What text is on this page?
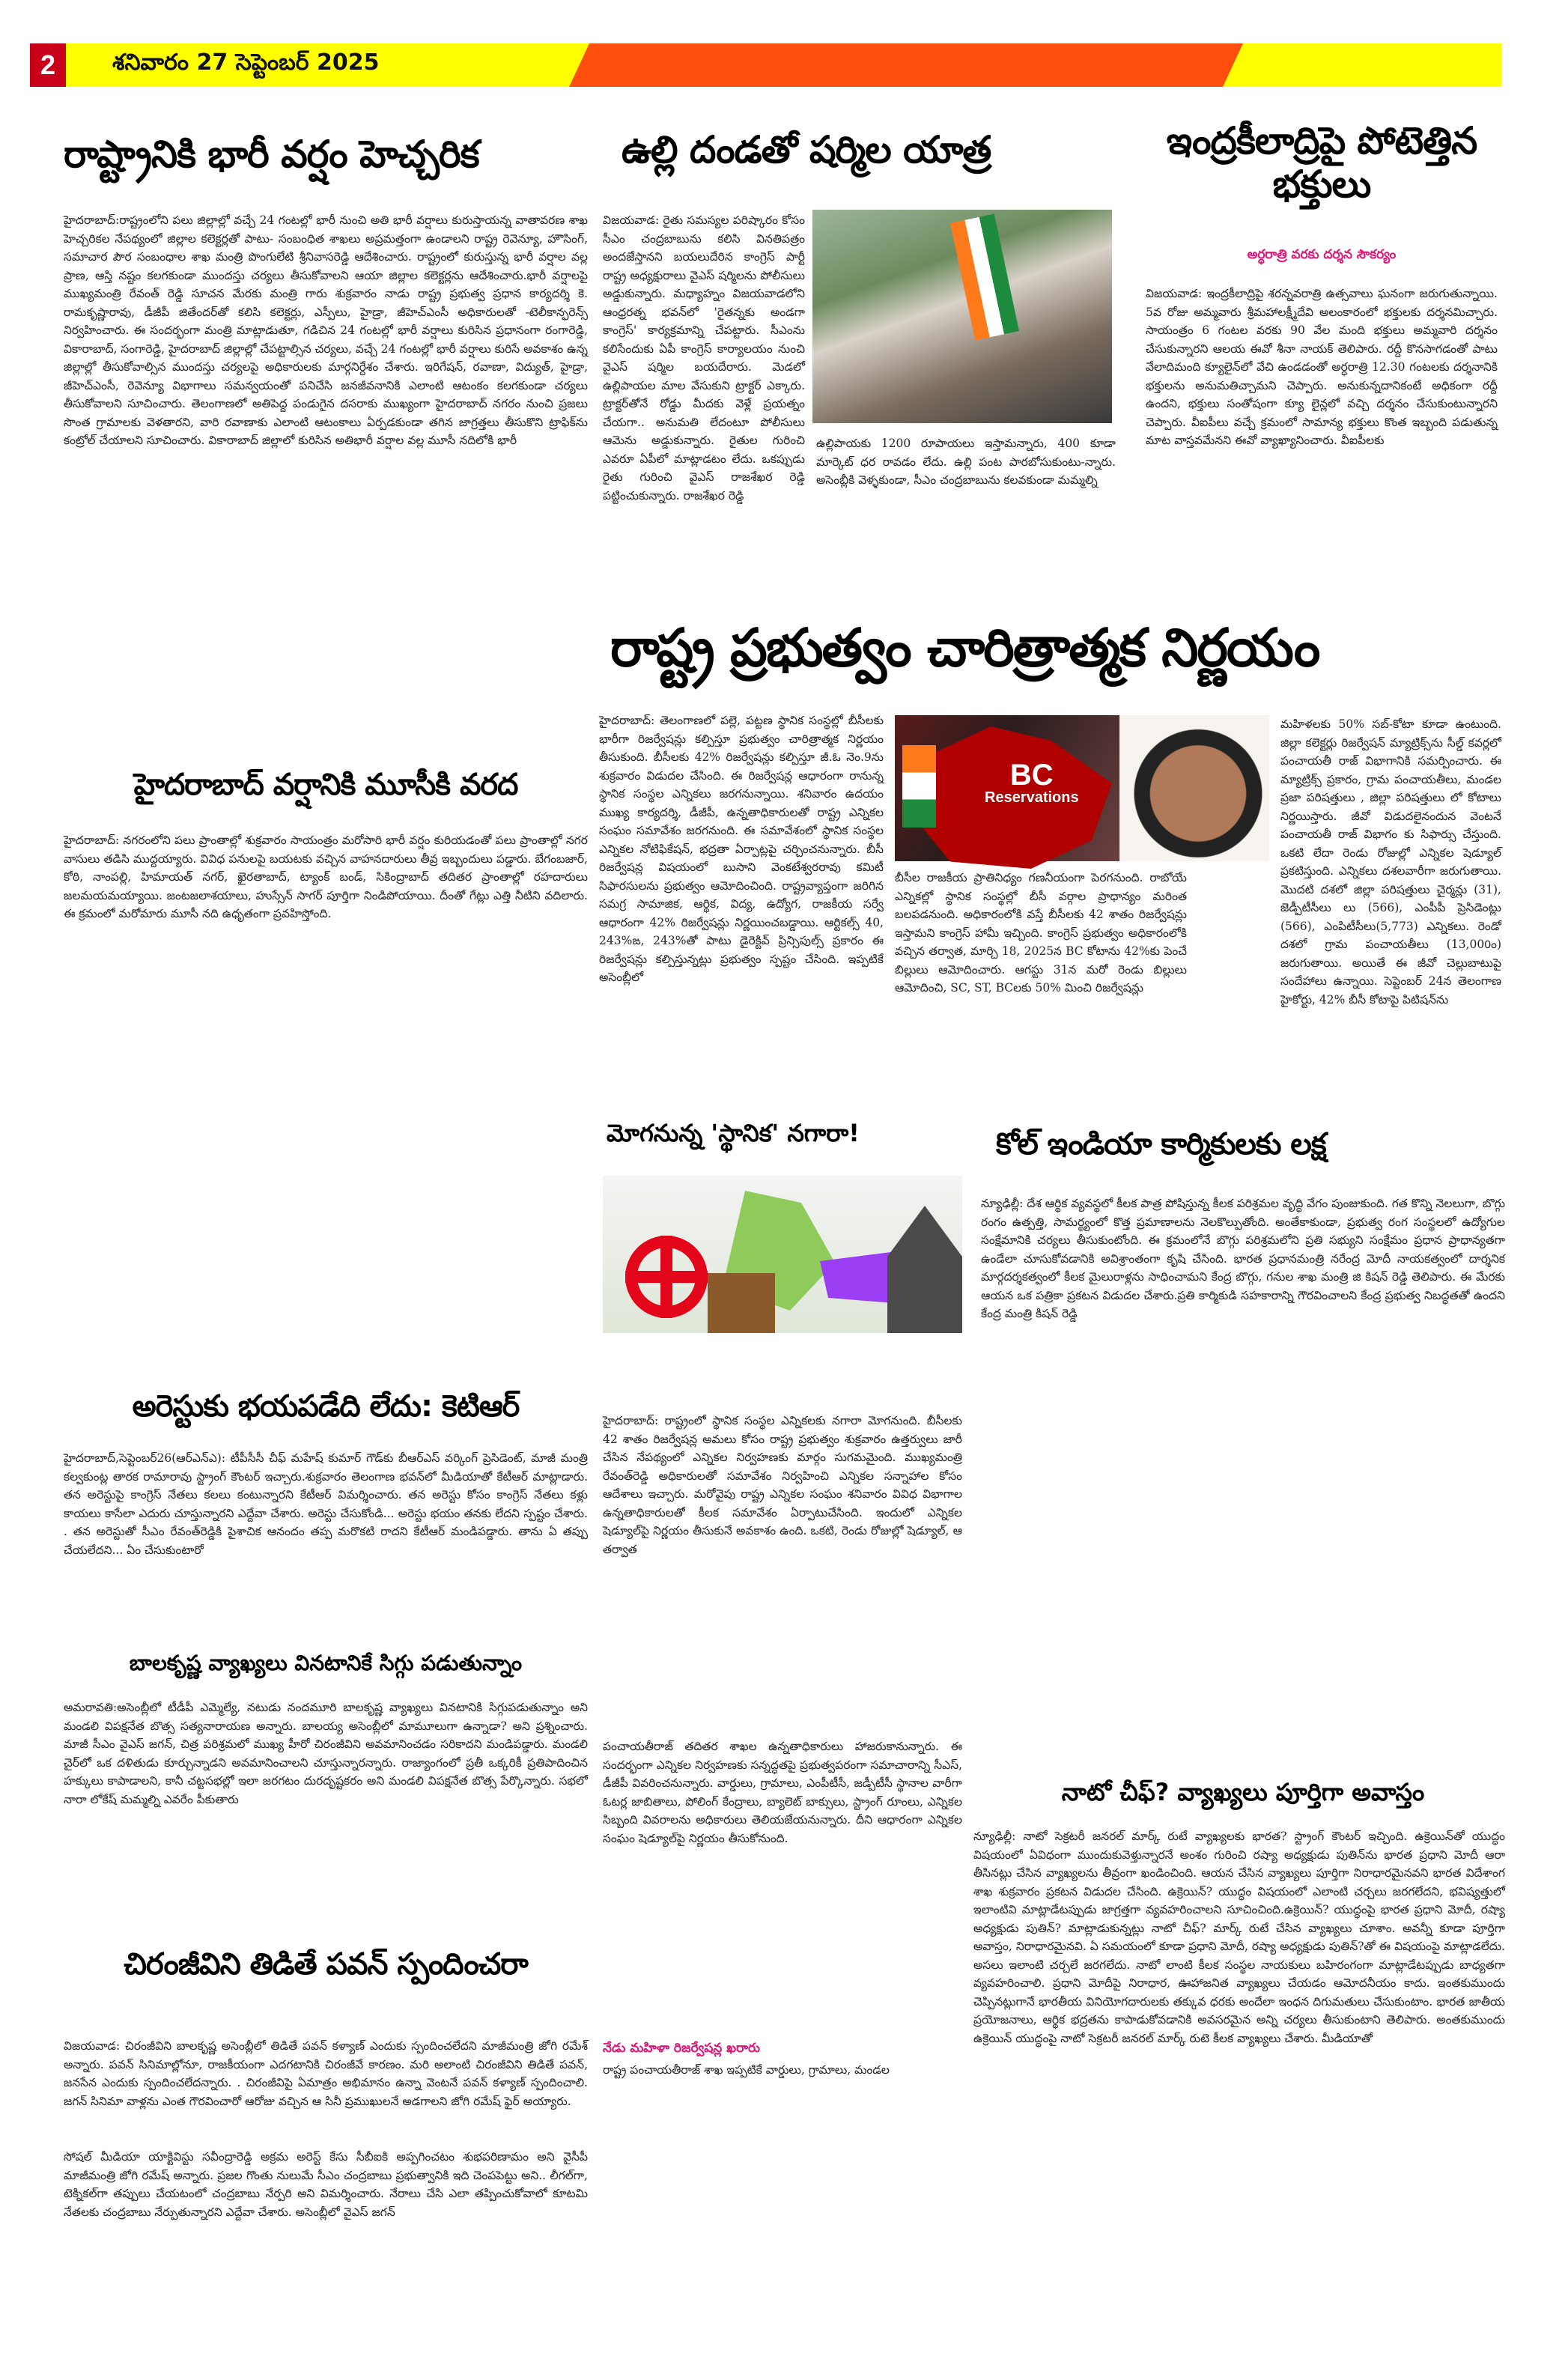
2	శనివారం 27 సెప్టెంబర్ 2025
రాష్ట్రానికి భారీ వర్షం హెచ్చరిక

హైదరాబాద్:రాష్ట్రంలోని పలు జిల్లాల్లో వచ్చే 24 గంటల్లో భారీ నుంచి అతి భారీ వర్షాలు కురుస్తాయన్న వాతావరణ శాఖ హెచ్చరికల నేపథ్యంలో జిల్లాల కలెక్టర్లతో పాటు- సంబంధిత శాఖలు అప్రమత్తంగా ఉండాలని రాష్ట్ర రెవెన్యూ, హౌసింగ్, సమాచార పౌర సంబంధాల శాఖ మంత్రి పొంగులేటి శ్రీనివాసరెడ్డి ఆదేశించారు. రాష్ట్రంలో కురుస్తున్న భారీ వర్షాల వల్ల ప్రాణ, ఆస్తి నష్టం కలగకుండా ముందస్తు చర్యలు తీసుకోవాలని ఆయా జిల్లాల కలెక్టర్లను ఆదేశించారు.భారీ వర్షాలపై ముఖ్యమంత్రి రేవంత్ రెడ్డి సూచన మేరకు మంత్రి గారు శుక్రవారం నాడు రాష్ట్ర ప్రభుత్వ ప్రధాన కార్యదర్శి కె. రామకృష్ణారావు, డీజీపీ జితేందర్‌తో కలిసి కలెక్టర్లు, ఎస్పీలు, హైడ్రా, జీహెచ్ఎంసీ అధికారులతో -టెలీకాన్ఫరెన్స్ నిర్వహించారు. ఈ సందర్భంగా మంత్రి మాట్లాడుతూ, గడిచిన 24 గంటల్లో భారీ వర్షాలు కురిసిన ప్రధానంగా రంగారెడ్డి, వికారాబాద్, సంగారెడ్డి, హైదరాబాద్ జిల్లాల్లో చేపట్టాల్సిన చర్యలు, వచ్చే 24 గంటల్లో భారీ వర్షాలు కురిసే అవకాశం ఉన్న జిల్లాల్లో తీసుకోవాల్సిన ముందస్తు చర్యలపై అధికారులకు మార్గనిర్దేశం చేశారు. ఇరిగేషన్, రవాణా, విద్యుత్, హైడ్రా, జీహెచ్ఎంసీ, రెవెన్యూ విభాగాలు సమన్వయంతో పనిచేసి జనజీవనానికి ఎలాంటి ఆటంకం కలగకుండా చర్యలు తీసుకోవాలని సూచించారు. తెలంగాణలో అతిపెద్ద పండుగైన దసరాకు ముఖ్యంగా హైదరాబాద్ నగరం నుంచి ప్రజలు సొంత గ్రామాలకు వెళతారని, వారి రవాణాకు ఎలాంటి ఆటంకాలు ఏర్పడకుండా తగిన జాగ్రత్తలు తీసుకొని ట్రాఫిక్‌ను కంట్రోల్ చేయాలని సూచించారు. వికారాబాద్ జిల్లాలో కురిసిన అతిభారీ వర్షాల వల్ల మూసీ నదిలోకి భారీ

ఉల్లి దండతో షర్మిల యాత్ర

విజయవాడ: రైతు సమస్యల పరిష్కారం కోసం సీఎం చంద్రబాబును కలిసి వినతిపత్రం అందజేస్తానని బయలుదేరిన కాంగ్రెస్ పార్టీ రాష్ట్ర అధ్యక్షురాలు వైఎస్ షర్మిలను పోలీసులు అడ్డుకున్నారు. మధ్యాహ్నం విజయవాడలోని ఆంధ్రరత్న భవన్‌లో 'రైతన్నకు అండగా కాంగ్రెస్' కార్యక్రమాన్ని చేపట్టారు. సీఎంను కలిసేందుకు ఏపీ కాంగ్రెస్ కార్యాలయం నుంచి వైఎస్ షర్మిల బయదేరారు. మెడలో ఉల్లిపాయల మాల వేసుకుని ట్రాక్టర్ ఎక్కారు. ట్రాక్టర్‌తోనే రోడ్డు మీదకు వెళ్లే ప్రయత్నం చేయగా.. అనుమతి లేదంటూ పోలీసులు ఆమెను అడ్డుకున్నారు. రైతుల గురించి ఎవరూ ఏపీలో మాట్లాడటం లేదు. ఒకప్పుడు రైతు గురించి వైఎస్ రాజశేఖర రెడ్డి పట్టించుకున్నారు. రాజశేఖర రెడ్డి

ఉల్లిపాయకు 1200 రూపాయలు ఇస్తామన్నారు, 400 కూడా మార్కెట్ ధర రావడం లేదు. ఉల్లి పంట పారబోసుకుంటు-న్నారు. అసెంబ్లీకి వెళ్ళకుండా, సీఎం చంద్రబాబును కలవకుండా మమ్మల్ని

ఇంద్రకీలాద్రిపై పోటెత్తిన భక్తులు
అర్ధరాత్రి వరకు దర్శన సౌకర్యం

విజయవాడ: ఇంద్రకీలాద్రిపై శరన్నవరాత్రి ఉత్సవాలు ఘనంగా జరుగుతున్నాయి. 5వ రోజు అమ్మవారు శ్రీమహాలక్ష్మీదేవి అలంకారంలో భక్తులకు దర్శనమిచ్చారు. సాయంత్రం 6 గంటల వరకు 90 వేల మంది భక్తులు అమ్మవారి దర్శనం చేసుకున్నారని ఆలయ ఈవో శీనా నాయక్ తెలిపారు. రద్దీ కొనసాగడంతో పాటు వేలాదిమంది క్యూలైన్‌లో వేచి ఉండడంతో అర్ధరాత్రి 12.30 గంటలకు దర్శనానికి భక్తులను అనుమతిచ్చామని చెప్పారు. అనుకున్నదానికంటే అధికంగా రద్దీ ఉందని, భక్తులు సంతోషంగా క్యూ లైన్లలో వచ్చి దర్శనం చేసుకుంటున్నారని చెప్పారు. వీఐపీలు వచ్చే క్రమంలో సామాన్య భక్తులు కొంత ఇబ్బంది పడుతున్న మాట వాస్తవమేనని ఈవో వ్యాఖ్యానించారు. వీఐపీలకు

రాష్ట్ర ప్రభుత్వం చారిత్రాత్మక నిర్ణయం

హైదరాబాద్: తెలంగాణలో పల్లె, పట్టణ స్థానిక సంస్థల్లో బీసీలకు భారీగా రిజర్వేషన్లు కల్పిస్తూ ప్రభుత్వం చారిత్రాత్మక నిర్ణయం తీసుకుంది. బీసీలకు 42% రిజర్వేషన్లు కల్పిస్తూ జీ.ఓ నెం.9ను శుక్రవారం విడుదల చేసింది. ఈ రిజర్వేషన్ల ఆధారంగా రానున్న స్థానిక సంస్థల ఎన్నికలు జరగనున్నాయి. శనివారం ఉదయం ముఖ్య కార్యదర్శి, డీజీపీ, ఉన్నతాధికారులతో రాష్ట్ర ఎన్నికల సంఘం సమావేశం జరగనుంది. ఈ సమావేశంలో స్థానిక సంస్థల ఎన్నికల నోటిఫికేషన్, భద్రతా ఏర్పాట్లపై చర్చించనున్నారు. బీసీ రిజర్వేషన్ల విషయంలో బుసాని వెంకటేశ్వరరావు కమిటీ సిఫారసులను ప్రభుత్వం ఆమోదించింది. రాష్ట్రవ్యాప్తంగా జరిగిన సమగ్ర సామాజిక, ఆర్థిక, విద్య, ఉద్యోగ, రాజకీయ సర్వే ఆధారంగా 42% రిజర్వేషన్లు నిర్ణయించబడ్డాయి. ఆర్టికల్స్ 40, 243%ఙ, 243%తో పాటు డైరెక్టివ్ ప్రిన్సిపుల్స్ ప్రకారం ఈ రిజర్వేషన్లు కల్పిస్తున్నట్లు ప్రభుత్వం స్పష్టం చేసింది. ఇప్పటికే అసెంబ్లీలో

BC
Reservations

బీసీల రాజకీయ ప్రాతినిధ్యం గణనీయంగా పెరగనుంది. రాబోయే ఎన్నికల్లో స్థానిక సంస్థల్లో బీసీ వర్గాల ప్రాధాన్యం మరింత బలపడనుంది. అధికారంలోకి వస్తే బీసీలకు 42 శాతం రిజర్వేషన్లు ఇస్తామని కాంగ్రెస్ హామీ ఇచ్చింది. కాంగ్రెస్ ప్రభుత్వం అధికారంలోకి వచ్చిన తర్వాత, మార్చి 18, 2025న BC కోటాను 42%కు పెంచే బిల్లులు ఆమోదించారు. ఆగస్టు 31న మరో రెండు బిల్లులు ఆమోదించి, SC, ST, BCలకు 50% మించి రిజర్వేషన్లు

మహిళలకు 50% సబ్-కోటా కూడా ఉంటుంది. జిల్లా కలెక్టర్లు రిజర్వేషన్ మ్యాట్రిక్స్‌ను సీల్డ్ కవర్లలో పంచాయతీ రాజ్ విభాగానికి సమర్పించారు. ఈ మ్యాట్రిక్స్ ప్రకారం, గ్రామ పంచాయతీలు, మండల ప్రజా పరిషత్తులు , జిల్లా పరిషత్తులు లో కోటాలు నిర్ణయిస్తారు. జీవో విడుదలైనందున వెంటనే పంచాయతీ రాజ్ విభాగం కు సిఫార్సు చేస్తుంది. ఒకటి లేదా రెండు రోజుల్లో ఎన్నికల షెడ్యూల్ ప్రకటిస్తుంది. ఎన్నికలు దశలవారీగా జరుగుతాయి. మొదటి దశలో జిల్లా పరిషత్తులు చైర్మన్లు (31), జెడ్పీటీసీలు లు (566), ఎంపీపీ ప్రెసిడెంట్లు (566), ఎంపిటీసీలు(5,773) ఎన్నికలు. రెండో దశలో గ్రామ పంచాయతీలు (13,000ం) జరుగుతాయి. అయితే ఈ జీవో చెల్లుబాటుపై సందేహాలు ఉన్నాయి. సెప్టెంబర్ 24న తెలంగాణ హైకోర్టు, 42% బీసీ కోటాపై పిటిషన్‌ను

హైదరాబాద్ వర్షానికి మూసీకి వరద

హైదరాబాద్: నగరంలోని పలు ప్రాంతాల్లో శుక్రవారం సాయంత్రం మరోసారి భారీ వర్షం కురియడంతో పలు ప్రాంతాల్లో నగర వాసులు తడిసి ముద్దయ్యారు. వివిధ పనులపై బయటకు వచ్చిన వాహనదారులు తీవ్ర ఇబ్బందులు పడ్డారు. బేగంబజార్, కోఠి, నాంపల్లి, హిమాయత్ నగర్, ఖైరతాబాద్, ట్యాంక్ బండ్, సికింద్రాబాద్ తదితర ప్రాంతాల్లో రహదారులు జలమయమయ్యాయి. జంటజలాశయాలు, హుస్సేన్ సాగర్ పూర్తిగా నిండిపోయాయి. దీంతో గేట్లు ఎత్తి నీటిని వదిలారు. ఈ క్రమంలో మరోమారు మూసీ నది ఉధృతంగా ప్రవహిస్తోంది.

మోగనున్న 'స్థానిక' నగారా!

హైదరాబాద్: రాష్ట్రంలో స్థానిక సంస్థల ఎన్నికలకు నగారా మోగనుంది. బీసీలకు 42 శాతం రిజర్వేషన్ల అమలు కోసం రాష్ట్ర ప్రభుత్వం శుక్రవారం ఉత్తర్వులు జారీ చేసిన నేపథ్యంలో ఎన్నికల నిర్వహణకు మార్గం సుగమమైంది. ముఖ్యమంత్రి రేవంత్‌రెడ్డి అధికారులతో సమావేశం నిర్వహించి ఎన్నికల సన్నాహాల కోసం ఆదేశాలు ఇచ్చారు. మరోవైపు రాష్ట్ర ఎన్నికల సంఘం శనివారం వివిధ విభాగాల ఉన్నతాధికారులతో కీలక సమావేశం ఏర్పాటుచేసింది. ఇందులో ఎన్నికల షెడ్యూల్‌పై నిర్ణయం తీసుకునే అవకాశం ఉంది. ఒకటి, రెండు రోజుల్లో షెడ్యూల్, ఆ తర్వాత

పంచాయతీరాజ్ తదితర శాఖల ఉన్నతాధికారులు హాజరుకానున్నారు. ఈ సందర్భంగా ఎన్నికల నిర్వహణకు సన్నద్ధతపై ప్రభుత్వపరంగా సమాచారాన్ని సీఎస్, డీజీపీ వివరించనున్నారు. వార్డులు, గ్రామాలు, ఎంపీటీసీ, జడ్పీటీసీ స్థానాల వారీగా ఓటర్ల జాబితాలు, పోలింగ్ కేంద్రాలు, బ్యాలెట్ బాక్సులు, స్ట్రాంగ్ రూంలు, ఎన్నికల సిబ్బంది వివరాలను అధికారులు తెలియజేయనున్నారు. దీని ఆధారంగా ఎన్నికల సంఘం షెడ్యూల్‌పై నిర్ణయం తీసుకోనుంది.

నేడు మహిళా రిజర్వేషన్ల ఖరారు

రాష్ట్ర పంచాయతీరాజ్ శాఖ ఇప్పటికే వార్డులు, గ్రామాలు, మండల

కోల్ ఇండియా కార్మికులకు లక్ష

న్యూఢిల్లీ: దేశ ఆర్థిక వ్యవస్థలో కీలక పాత్ర పోషిస్తున్న కీలక పరిశ్రమల వృద్ధి వేగం పుంజుకుంది. గత కొన్ని నెలలుగా, బొగ్గు రంగం ఉత్పత్తి, సామర్థ్యంలో కొత్త ప్రమాణాలను నెలకొల్పుతోంది. అంతేకాకుండా, ప్రభుత్వ రంగ సంస్థలలో ఉద్యోగుల సంక్షేమానికి చర్యలు తీసుకుంటోంది. ఈ క్రమంలోనే బొగ్గు పరిశ్రమలోని ప్రతి సభ్యుని సంక్షేమం ప్రధాన ప్రాధాన్యతగా ఉండేలా చూసుకోవడానికి అవిశ్రాంతంగా కృషి చేసింది. భారత ప్రధానమంత్రి నరేంద్ర మోదీ నాయకత్వంలో దార్శనిక మార్గదర్శకత్వంలో కీలక మైలురాళ్లను సాధించామని కేంద్ర బొగ్గు, గనుల శాఖ మంత్రి జి కిషన్ రెడ్డి తెలిపారు. ఈ మేరకు ఆయన ఒక పత్రికా ప్రకటన విడుదల చేశారు.ప్రతి కార్మికుడి సహకారాన్ని గౌరవించాలని కేంద్ర ప్రభుత్వ నిబద్ధతతో ఉందని కేంద్ర మంత్రి కిషన్ రెడ్డి

అరెస్టుకు భయపడేది లేదు: కెటిఆర్

హైదరాబాద్,సెప్టెంబర్26(ఆర్ఎన్ఎ): టీపీసీసీ చీఫ్ మహేష్ కుమార్ గౌడ్‌కు బీఆర్ఎస్ వర్కింగ్ ప్రెసిడెంట్, మాజీ మంత్రి కల్వకుంట్ల తారక రామారావు స్ట్రాంగ్ కౌంటర్ ఇచ్చారు.శుక్రవారం తెలంగాణ భవన్‌లో మీడియాతో కేటీఆర్ మాట్లాడారు. తన అరెస్టుపై కాంగ్రెస్ నేతలు కలలు కంటున్నారని కేటీఆర్ విమర్శించారు. తన అరెస్టు కోసం కాంగ్రెస్ నేతలు కళ్లు కాయలు కాసేలా ఎదురు చూస్తున్నారని ఎద్దేవా చేశారు. అరెస్టు చేసుకోండి... అరెస్టు భయం తనకు లేదని స్పష్టం చేశారు. . తన అరెస్టుతో సీఎం రేవంత్‌రెడ్డికి పైశాచిక ఆనందం తప్ప మరొకటి రాదని కేటీఆర్ మండిపడ్డారు. తాను ఏ తప్పు చేయలేదని... ఏం చేసుకుంటారో

బాలకృష్ణ వ్యాఖ్యలు వినటానికే సిగ్గు పడుతున్నాం

అమరావతి:అసెంబ్లీలో టీడీపీ ఎమ్మెల్యే, నటుడు నందమూరి బాలకృష్ణ వ్యాఖ్యలు వినటానికి సిగ్గుపడుతున్నాం అని మండలి విపక్షనేత బొత్స సత్యనారాయణ అన్నారు. బాలయ్య అసెంబ్లీలో మామూలుగా ఉన్నాడా? అని ప్రశ్నించారు. మాజీ సీఎం వైఎస్ జగన్, చిత్ర పరిశ్రమలో ముఖ్య హీరో చిరంజీవిని అవమానించడం సరికాదని మండిపడ్డారు. మండలి చైర్‌లో ఒక దళితుడు కూర్చున్నాడని అవమానించాలని చూస్తున్నారన్నారు. రాజ్యాంగంలో ప్రతీ ఒక్కరికీ ప్రతిపాదించిన హక్కులు కాపాడాలని, కానీ చట్టసభల్లో ఇలా జరగటం దురదృష్టకరం అని మండలి విపక్షనేత బొత్స పేర్కొన్నారు. సభలో నారా లోకేష్ మమ్మల్ని ఎవరేం పీకుతారు

చిరంజీవిని తిడితే పవన్ స్పందించరా

విజయవాడ: చిరంజీవిని బాలకృష్ణ అసెంబ్లీలో తిడితే పవన్ కళ్యాణ్ ఎందుకు స్పందించలేదని మాజీమంత్రి జోగి రమేశ్ అన్నారు. పవన్ సినిమాల్లోనూ, రాజకీయంగా ఎదగటానికి చిరంజీవే కారణం. మరి అలాంటి చిరంజీవిని తిడితే పవన్, జనసేన ఎందుకు స్పందించలేదన్నారు. . చిరంజీవిపై ఏమాత్రం అభిమానం ఉన్నా వెంటనే పవన్ కళ్యాణ్ స్పందించాలి. జగన్ సినిమా వాళ్లను ఎంత గౌరవించారో ఆరోజు వచ్చిన ఆ సినీ ప్రముఖులనే అడగాలని జోగి రమేష్ ఫైర్ అయ్యారు.

సోషల్ మీడియా యాక్టివిస్టు సవీంద్రారెడ్డి అక్రమ అరెస్ట్ కేసు సీబీఐకి అప్పగించటం శుభపరిణామం అని వైసీపీ మాజీమంత్రి జోగి రమేష్ అన్నారు. ప్రజల గొంతు నులుమే సీఎం చంద్రబాబు ప్రభుత్వానికి ఇది చెంపపెట్టు అని.. లీగల్‌గా, టెక్నికల్‌గా తప్పులు చేయటంలో చంద్రబాబు నేర్పరి అని విమర్శించారు. నేరాలు చేసి ఎలా తప్పించుకోవాలో కూటమి నేతలకు చంద్రబాబు నేర్పుతున్నారని ఎద్దేవా చేశారు. అసెంబ్లీలో వైఎస్ జగన్

నాటో చీఫ్? వ్యాఖ్యలు పూర్తిగా అవాస్తం

న్యూఢిల్లీ: నాటో సెక్రటరీ జనరల్ మార్క్ రుటే వ్యాఖ్యలకు భారత? స్ట్రాంగ్ కౌంటర్ ఇచ్చింది. ఉక్రెయిన్‌తో యుద్ధం విషయంలో ఏవిధంగా ముందుకువెళ్తున్నారనే అంశం గురించి రష్యా అధ్యక్షుడు పుతిన్‌ను భారత ప్రధాని మోదీ ఆరా తీసినట్లు చేసిన వ్యాఖ్యలను తీవ్రంగా ఖండించింది. ఆయన చేసిన వ్యాఖ్యలు పూర్తిగా నిరాధారమైనవని భారత విదేశాంగ శాఖ శుక్రవారం ప్రకటన విడుదల చేసింది. ఉక్రెయిన్? యుద్ధం విషయంలో ఎలాంటి చర్చలు జరగలేదని, భవిష్యత్తులో ఇలాంటివి మాట్లాడేటప్పుడు జాగ్రత్తగా వ్యవహరించాలని సూచించింది.ఉక్రెయిన్? యుద్ధంపై భారత ప్రధాని మోదీ, రష్యా అధ్యక్షుడు పుతిన్? మాట్లాడుకున్నట్లు నాటో చీఫ్? మార్క్ రుటే చేసిన వ్యాఖ్యలు చూశాం. అవన్నీ కూడా పూర్తిగా అవాస్తం, నిరాధారమైనవి. ఏ సమయంలో కూడా ప్రధాని మోదీ, రష్యా అధ్యక్షుడు పుతిన్?తో ఈ విషయంపై మాట్లాడలేదు. అసలు ఇలాంటి చర్చలే జరగలేదు. నాటో లాంటి కీలక సంస్థల నాయకులు బహిరంగంగా మాట్లాడేటప్పుడు బాధ్యతగా వ్యవహరించాలి. ప్రధాని మోదీపై నిరాధార, ఊహాజనిత వ్యాఖ్యలు చేయడం ఆమోదనీయం కాదు. ఇంతకుముందు చెప్పినట్లుగానే భారతీయ వినియోగదారులకు తక్కువ ధరకు అందేలా ఇంధన దిగుమతులు చేసుకుంటాం. భారత జాతీయ ప్రయోజనాలు, ఆర్థిక భద్రతను కాపాడుకోవడానికి అవసరమైన అన్ని చర్యలు తీసుకుంటాని తెలిపారు. అంతకుముందు ఉక్రెయిన్ యుద్ధంపై నాటో సెక్రటరీ జనరల్ మార్క్ రుటె కీలక వ్యాఖ్యలు చేశారు. మీడియాతో
